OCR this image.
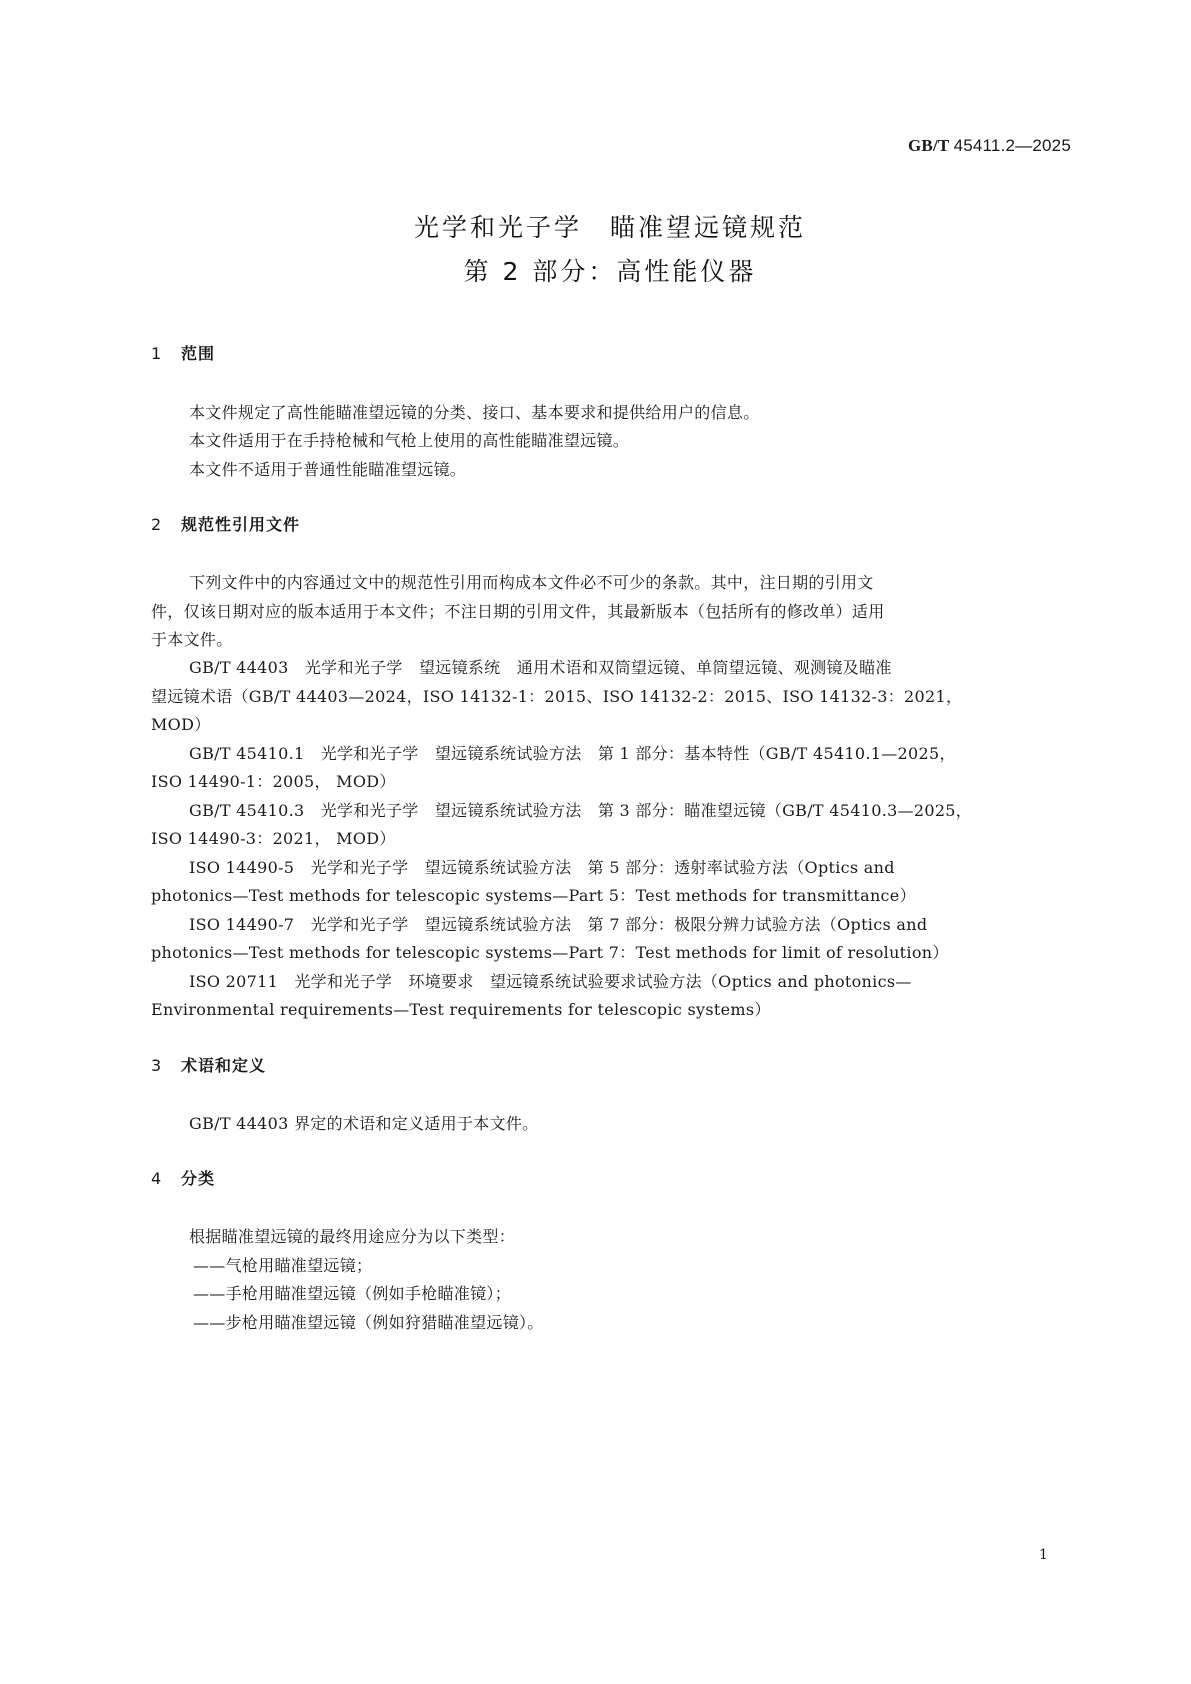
GB/T 45411.2—2025
光学和光子学　瞄准望远镜规范
第 2 部分：高性能仪器
1 范围
本文件规定了高性能瞄准望远镜的分类、接口、基本要求和提供给用户的信息。
本文件适用于在手持枪械和气枪上使用的高性能瞄准望远镜。
本文件不适用于普通性能瞄准望远镜。
2 规范性引用文件
下列文件中的内容通过文中的规范性引用而构成本文件必不可少的条款。其中，注日期的引用文
件，仅该日期对应的版本适用于本文件；不注日期的引用文件，其最新版本（包括所有的修改单）适用
于本文件。
GB/T 44403　光学和光子学　望远镜系统　通用术语和双筒望远镜、单筒望远镜、观测镜及瞄准
望远镜术语（GB/T 44403—2024，ISO 14132-1：2015、ISO 14132-2：2015、ISO 14132-3：2021，
MOD）
GB/T 45410.1　光学和光子学　望远镜系统试验方法　第 1 部分：基本特性（GB/T 45410.1—2025，
ISO 14490-1：2005， MOD）
GB/T 45410.3　光学和光子学　望远镜系统试验方法　第 3 部分：瞄准望远镜（GB/T 45410.3—2025，
ISO 14490-3：2021， MOD）
ISO 14490-5　光学和光子学　望远镜系统试验方法　第 5 部分：透射率试验方法（Optics and
photonics—Test methods for telescopic systems—Part 5：Test methods for transmittance）
ISO 14490-7　光学和光子学　望远镜系统试验方法　第 7 部分：极限分辨力试验方法（Optics and
photonics—Test methods for telescopic systems—Part 7：Test methods for limit of resolution）
ISO 20711　光学和光子学　环境要求　望远镜系统试验要求试验方法（Optics and photonics—
Environmental requirements—Test requirements for telescopic systems）
3 术语和定义
GB/T 44403 界定的术语和定义适用于本文件。
4 分类
根据瞄准望远镜的最终用途应分为以下类型：
——气枪用瞄准望远镜；
——手枪用瞄准望远镜（例如手枪瞄准镜）；
——步枪用瞄准望远镜（例如狩猎瞄准望远镜）。
1
